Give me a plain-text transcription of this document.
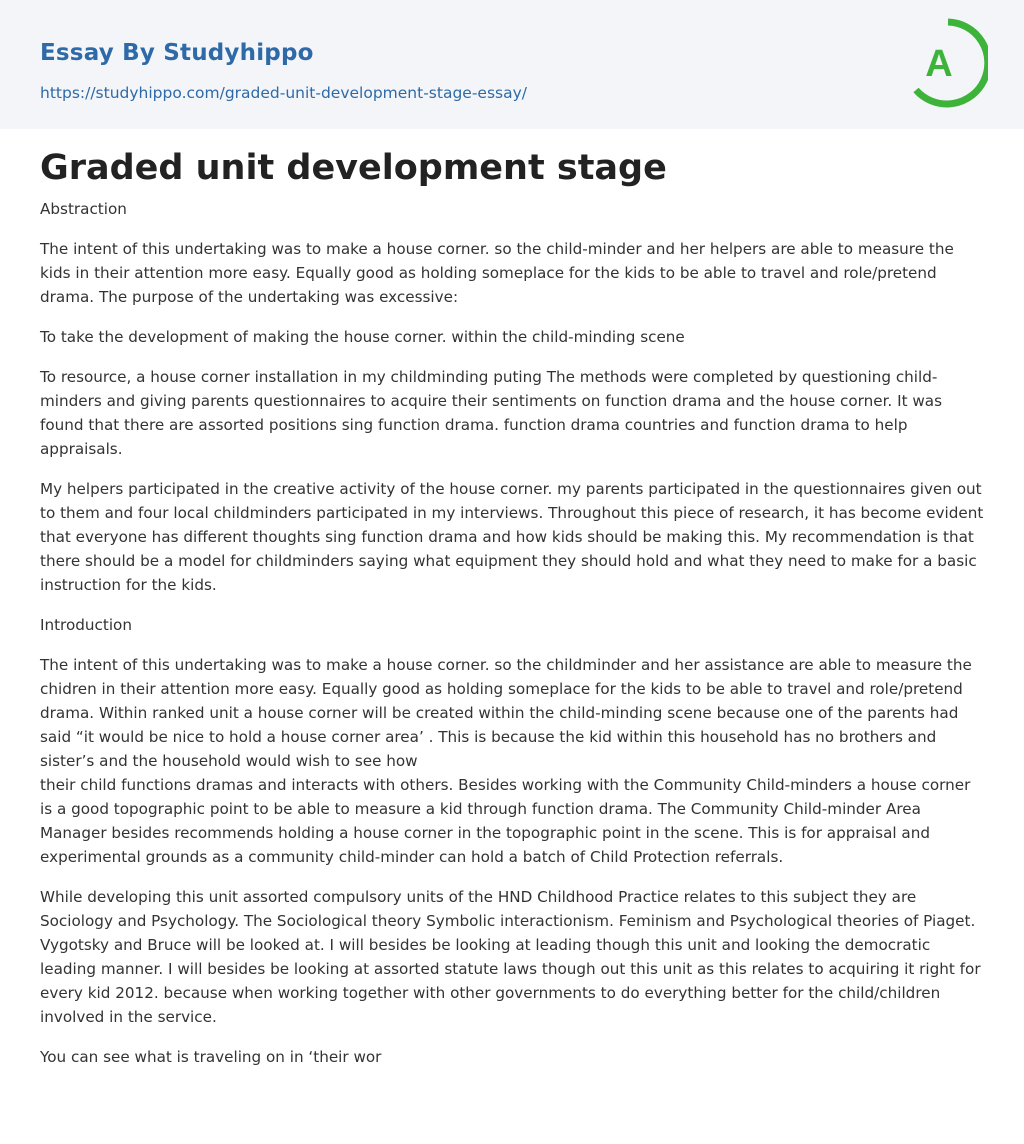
Essay By Studyhippo
https://studyhippo.com/graded-unit-development-stage-essay/
A
Graded unit development stage

Abstraction

The intent of this undertaking was to make a house corner. so the child-minder and her helpers are able to measure the kids in their attention more easy. Equally good as holding someplace for the kids to be able to travel and role/pretend drama. The purpose of the undertaking was excessive:

To take the development of making the house corner. within the child-minding scene

To resource, a house corner installation in my childminding puting The methods were completed by questioning child-minders and giving parents questionnaires to acquire their sentiments on function drama and the house corner. It was found that there are assorted positions sing function drama. function drama countries and function drama to help appraisals.

My helpers participated in the creative activity of the house corner. my parents participated in the questionnaires given out to them and four local childminders participated in my interviews. Throughout this piece of research, it has become evident that everyone has different thoughts sing function drama and how kids should be making this. My recommendation is that there should be a model for childminders saying what equipment they should hold and what they need to make for a basic instruction for the kids.

Introduction

The intent of this undertaking was to make a house corner. so the childminder and her assistance are able to measure the chidren in their attention more easy. Equally good as holding someplace for the kids to be able to travel and role/pretend drama. Within ranked unit a house corner will be created within the child-minding scene because one of the parents had said “it would be nice to hold a house corner area’ . This is because the kid within this household has no brothers and sister’s and the household would wish to see how
their child functions dramas and interacts with others. Besides working with the Community Child-minders a house corner is a good topographic point to be able to measure a kid through function drama. The Community Child-minder Area Manager besides recommends holding a house corner in the topographic point in the scene. This is for appraisal and experimental grounds as a community child-minder can hold a batch of Child Protection referrals.

While developing this unit assorted compulsory units of the HND Childhood Practice relates to this subject they are Sociology and Psychology. The Sociological theory Symbolic interactionism. Feminism and Psychological theories of Piaget. Vygotsky and Bruce will be looked at. I will besides be looking at leading though this unit and looking the democratic leading manner. I will besides be looking at assorted statute laws though out this unit as this relates to acquiring it right for every kid 2012. because when working together with other governments to do everything better for the child/children involved in the service.

You can see what is traveling on in ‘their wor
